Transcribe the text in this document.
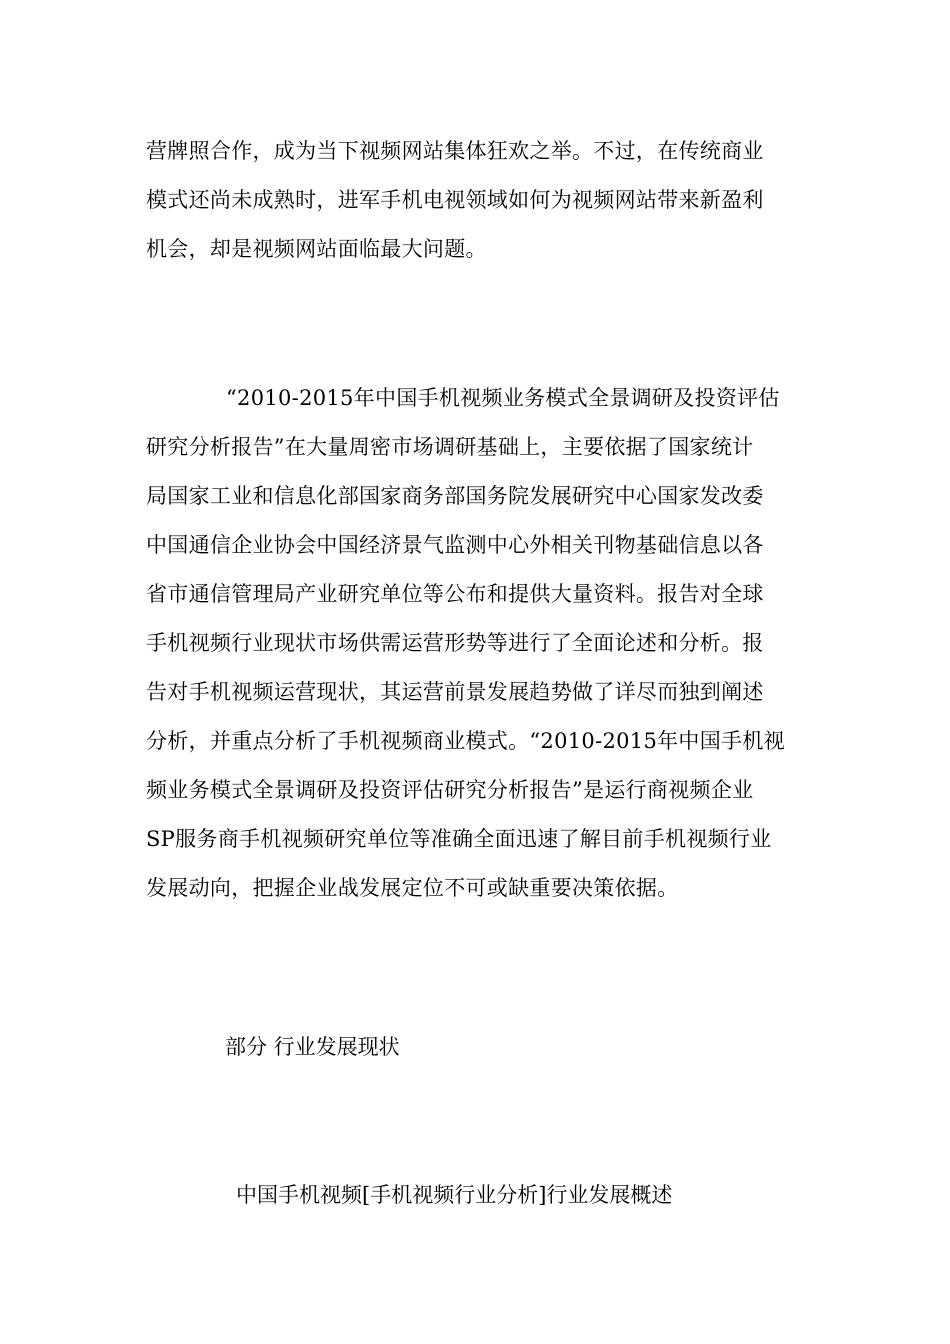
营牌照合作，成为当下视频网站集体狂欢之举。不过，在传统商业
模式还尚未成熟时，进军手机电视领域如何为视频网站带来新盈利
机会，却是视频网站面临最大问题。

“2010-2015年中国手机视频业务模式全景调研及投资评估
研究分析报告”在大量周密市场调研基础上，主要依据了国家统计
局国家工业和信息化部国家商务部国务院发展研究中心国家发改委
中国通信企业协会中国经济景气监测中心外相关刊物基础信息以各
省市通信管理局产业研究单位等公布和提供大量资料。报告对全球
手机视频行业现状市场供需运营形势等进行了全面论述和分析。报
告对手机视频运营现状，其运营前景发展趋势做了详尽而独到阐述
分析，并重点分析了手机视频商业模式。“2010-2015年中国手机视
频业务模式全景调研及投资评估研究分析报告”是运行商视频企业
SP服务商手机视频研究单位等准确全面迅速了解目前手机视频行业
发展动向，把握企业战发展定位不可或缺重要决策依据。

部分 行业发展现状
中国手机视频[手机视频行业分析]行业发展概述
